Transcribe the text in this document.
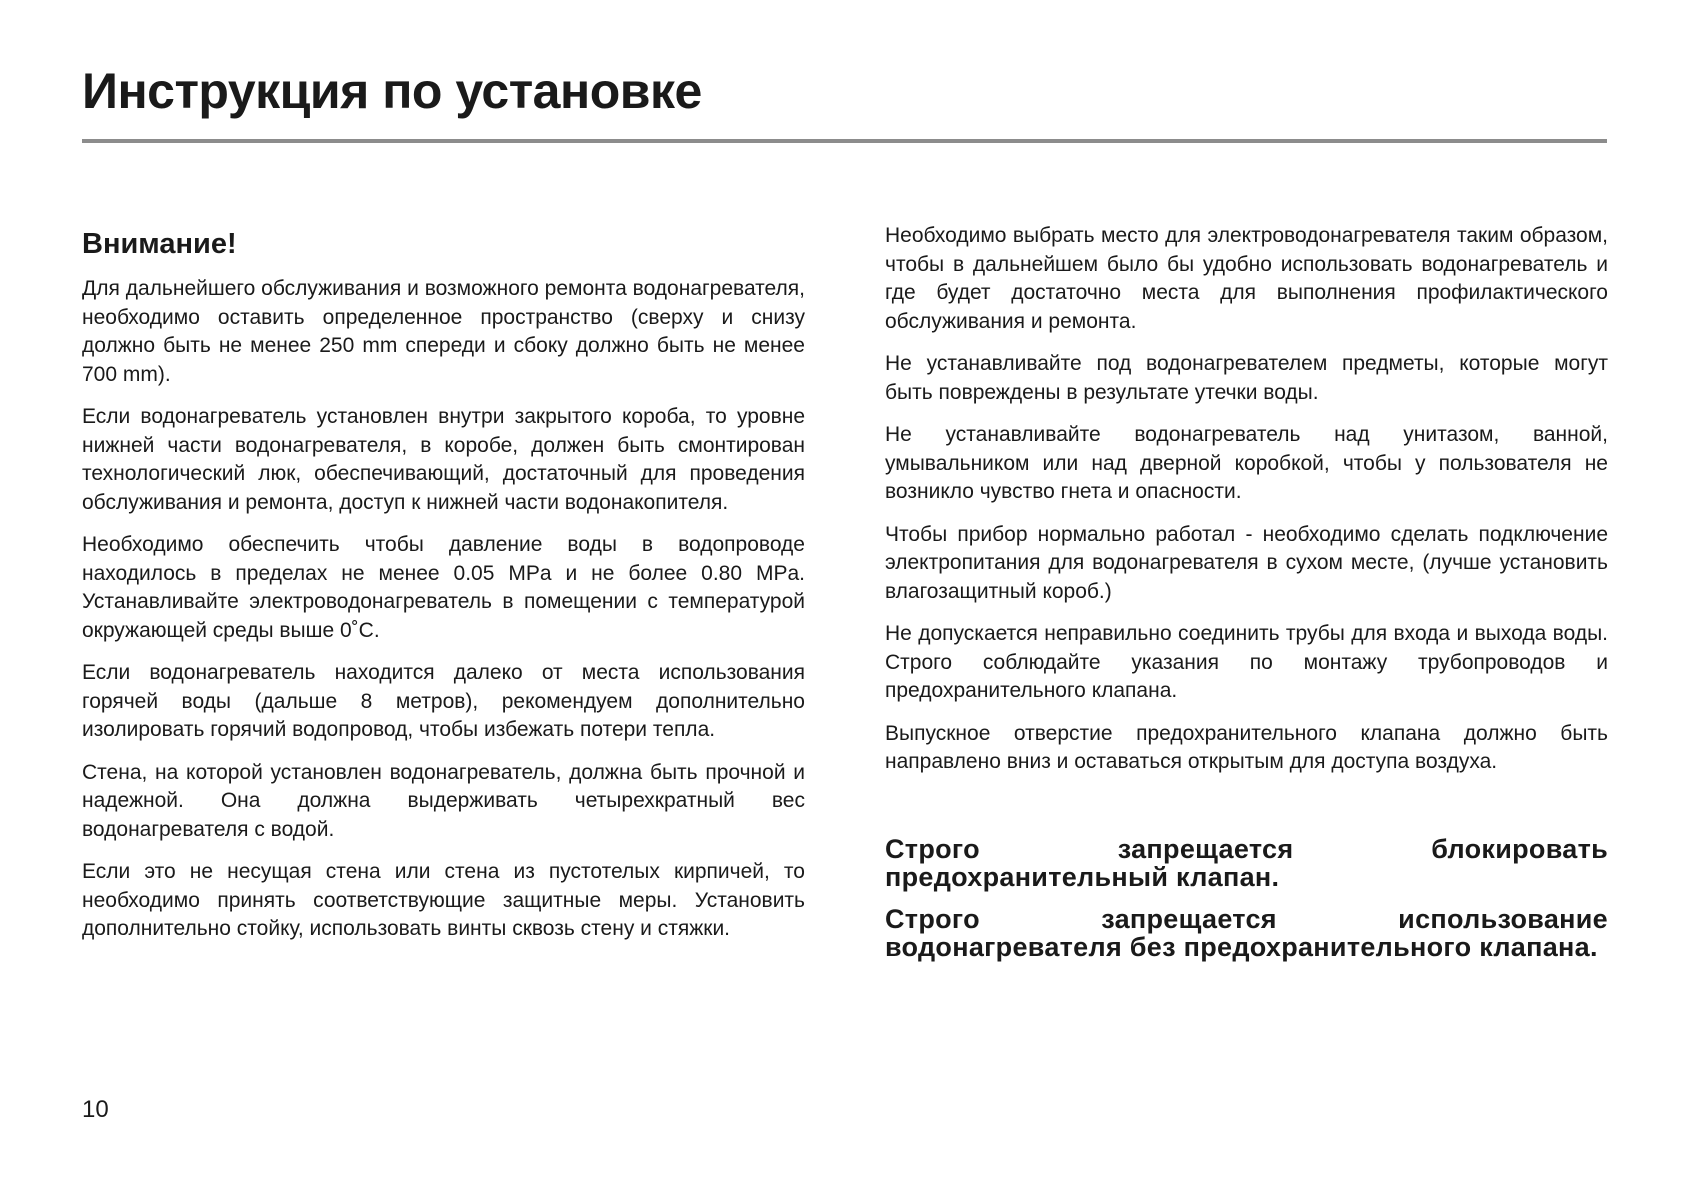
Инструкция по установке
Внимание!

Для дальнейшего обслуживания и возможного ремонта водонагревателя, необходимо оставить определенное пространство (сверху и снизу должно быть не менее 250 mm спереди и сбоку должно быть не менее 700 mm).

Если водонагреватель установлен внутри закрытого короба, то уровне нижней части водонагревателя, в коробе, должен быть смонтирован технологический люк, обеспечивающий, достаточный для проведения обслуживания и ремонта, доступ к нижней части водонакопителя.

Необходимо обеспечить чтобы давление воды в водопроводе находилось в пределах не менее 0.05 MPa и не более 0.80 MPa. Устанавливайте электроводонагреватель в помещении с температурой окружающей среды выше 0˚C.

Если водонагреватель находится далеко от места использования горячей воды (дальше 8 метров), рекомендуем дополнительно изолировать горячий водопровод, чтобы избежать потери тепла.

Стена, на которой установлен водонагреватель, должна быть прочной и надежной. Она должна выдерживать четырехкратный вес водонагревателя с водой.

Если это не несущая стена или стена из пустотелых кирпичей, то необходимо принять соответствующие защитные меры. Установить дополнительно стойку, использовать винты сквозь стену и стяжки.

Необходимо выбрать место для электроводонагревателя таким образом, чтобы в дальнейшем было бы удобно использовать водонагреватель и где будет достаточно места для выполнения профилактического обслуживания и ремонта.

Не устанавливайте под водонагревателем предметы, которые могут быть повреждены в результате утечки воды.

Не устанавливайте водонагреватель над унитазом, ванной, умывальником или над дверной коробкой, чтобы у пользователя не возникло чувство гнета и опасности.

Чтобы прибор нормально работал - необходимо сделать подключение электропитания для водонагревателя в сухом месте, (лучше установить влагозащитный короб.)

Не допускается неправильно соединить трубы для входа и выхода воды. Строго соблюдайте указания по монтажу трубопроводов и предохранительного клапана.

Выпускное отверстие предохранительного клапана должно быть направлено вниз и оставаться открытым для доступа воздуха.

Строго запрещается блокировать предохранительный клапан.

Строго запрещается использование водонагревателя без предохранительного клапана.

10
